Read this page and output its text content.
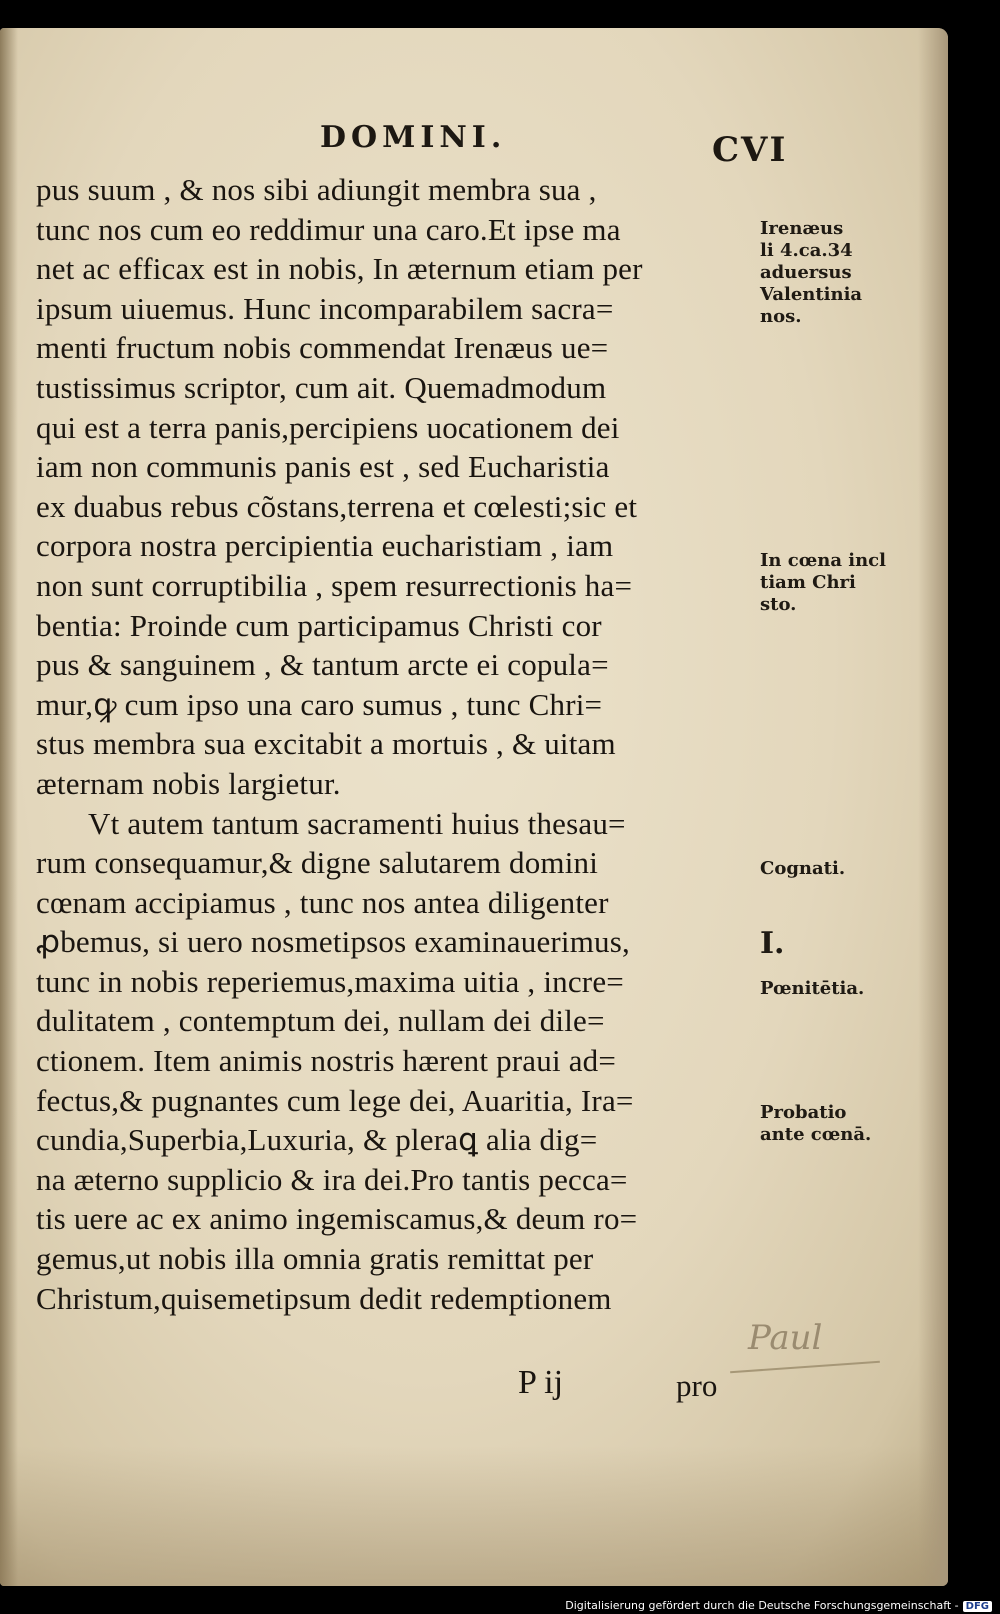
DOMINI.	CVI
pus suum , & nos sibi adiungit membra sua ,
tunc nos cum eo reddimur una caro.Et ipse ma
net ac efficax est in nobis, In æternum etiam per
ipsum uiuemus. Hunc incomparabilem sacra=
menti fructum nobis commendat Irenæus ue=
tustissimus scriptor, cum ait. Quemadmodum
qui est a terra panis,percipiens uocationem dei
iam non communis panis est , sed Eucharistia
ex duabus rebus cõstans,terrena et cœlesti;sic et
corpora nostra percipientia eucharistiam , iam
non sunt corruptibilia , spem resurrectionis ha=
bentia: Proinde cum participamus Christi cor
pus & sanguinem , & tantum arcte ei copula=
mur,ꝙ cum ipso una caro sumus , tunc Chri=
stus membra sua excitabit a mortuis , & uitam
æternam nobis largietur.
Vt autem tantum sacramenti huius thesau=
rum consequamur,& digne salutarem domini
cœnam accipiamus , tunc nos antea diligenter
ꝓbemus, si uero nosmetipsos examinauerimus,
tunc in nobis reperiemus,maxima uitia , incre=
dulitatem , contemptum dei, nullam dei dile=
ctionem. Item animis nostris hærent praui ad=
fectus,& pugnantes cum lege dei, Auaritia, Ira=
cundia,Superbia,Luxuria, & pleraꝗ alia dig=
na æterno supplicio & ira dei.Pro tantis pecca=
tis uere ac ex animo ingemiscamus,& deum ro=
gemus,ut nobis illa omnia gratis remittat per
Christum,quisemetipsum dedit redemptionem
Irenæus
li 4.ca.34
aduersus
Valentinia
nos.
In cœna incl
tiam Chri
sto.
Cognati.
I.
Pœnitētia.
Probatio
ante cœnā.
P ij	pro
Paul
Digitalisierung gefördert durch die Deutsche Forschungsgemeinschaft - DFG
